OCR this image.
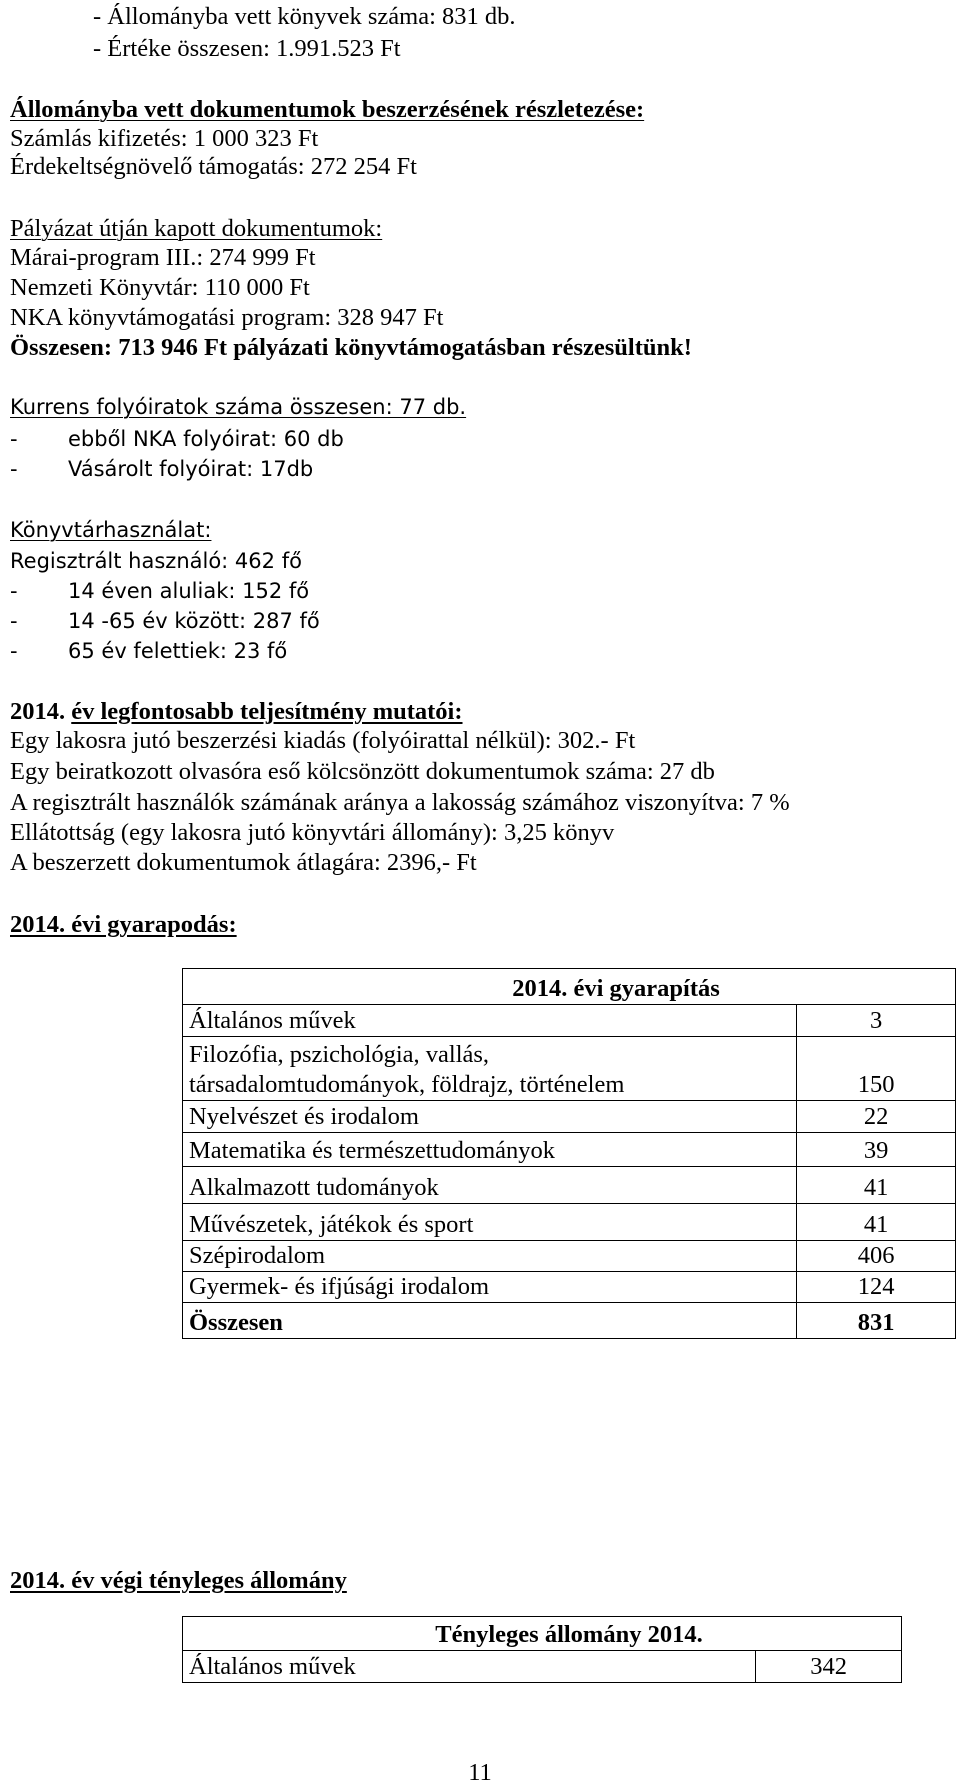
- Állományba vett könyvek száma: 831 db.
- Értéke összesen: 1.991.523 Ft
Állományba vett dokumentumok beszerzésének részletezése:
Számlás kifizetés: 1 000 323 Ft
Érdekeltségnövelő támogatás: 272 254 Ft
Pályázat útján kapott dokumentumok:
Márai-program III.: 274 999 Ft
Nemzeti Könyvtár: 110 000 Ft
NKA könyvtámogatási program: 328 947 Ft
Összesen: 713 946 Ft pályázati könyvtámogatásban részesültünk!
Kurrens folyóiratok száma összesen: 77 db.
- ebből NKA folyóirat: 60 db
- Vásárolt folyóirat: 17db
Könyvtárhasználat:
Regisztrált használó: 462 fő
- 14 éven aluliak: 152 fő
- 14 -65 év között: 287 fő
- 65 év felettiek: 23 fő
2014. év legfontosabb teljesítmény mutatói:
Egy lakosra jutó beszerzési kiadás (folyóirattal nélkül): 302.- Ft
Egy beiratkozott olvasóra eső kölcsönzött dokumentumok száma: 27 db
A regisztrált használók számának aránya a lakosság számához viszonyítva: 7 %
Ellátottság (egy lakosra jutó könyvtári állomány): 3,25 könyv
A beszerzett dokumentumok átlagára: 2396,- Ft
2014. évi gyarapodás:
2014. évi gyarapítás	
Általános művek	3

Filozófia, pszichológia, vallás,
társadalomtudományok, földrajz, történelem	150
Nyelvészet és irodalom	22
Matematika és természettudományok	39
Alkalmazott tudományok	41
Művészetek, játékok és sport	41
Szépirodalom	406
Gyermek- és ifjúsági irodalom	124
Összesen	831
2014. év végi tényleges állomány
Tényleges állomány 2014.
Általános művek	342
11
